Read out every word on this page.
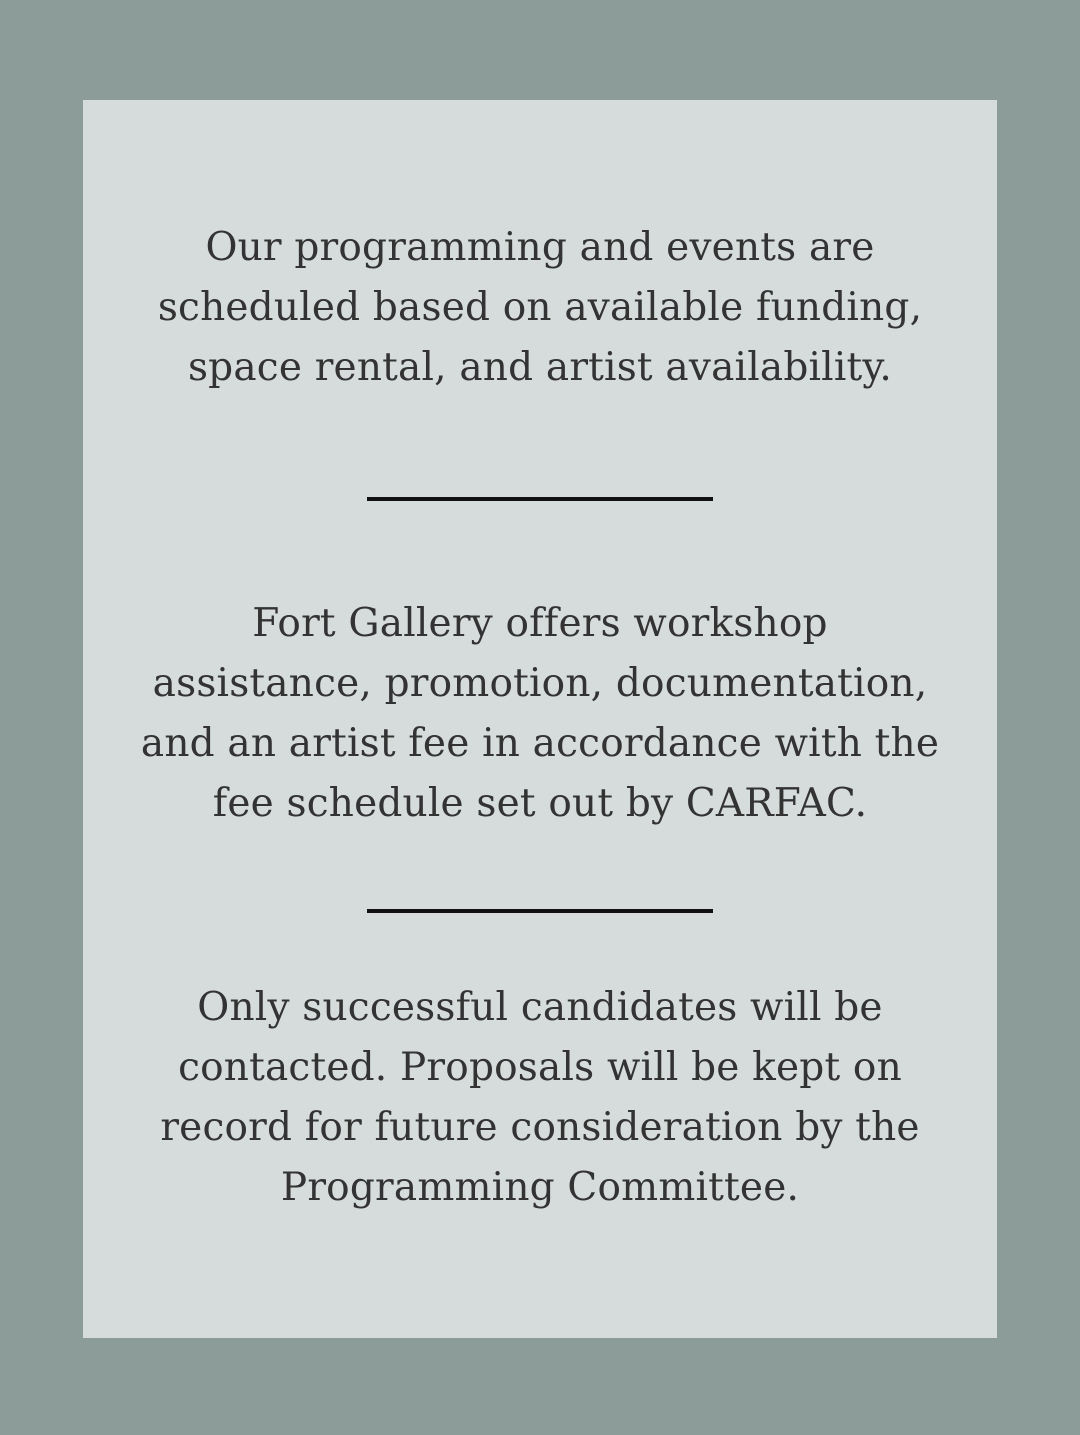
Our programming and events are
scheduled based on available funding,
space rental, and artist availability.

Fort Gallery offers workshop
assistance, promotion, documentation,
and an artist fee in accordance with the
fee schedule set out by CARFAC.

Only successful candidates will be
contacted. Proposals will be kept on
record for future consideration by the
Programming Committee.
